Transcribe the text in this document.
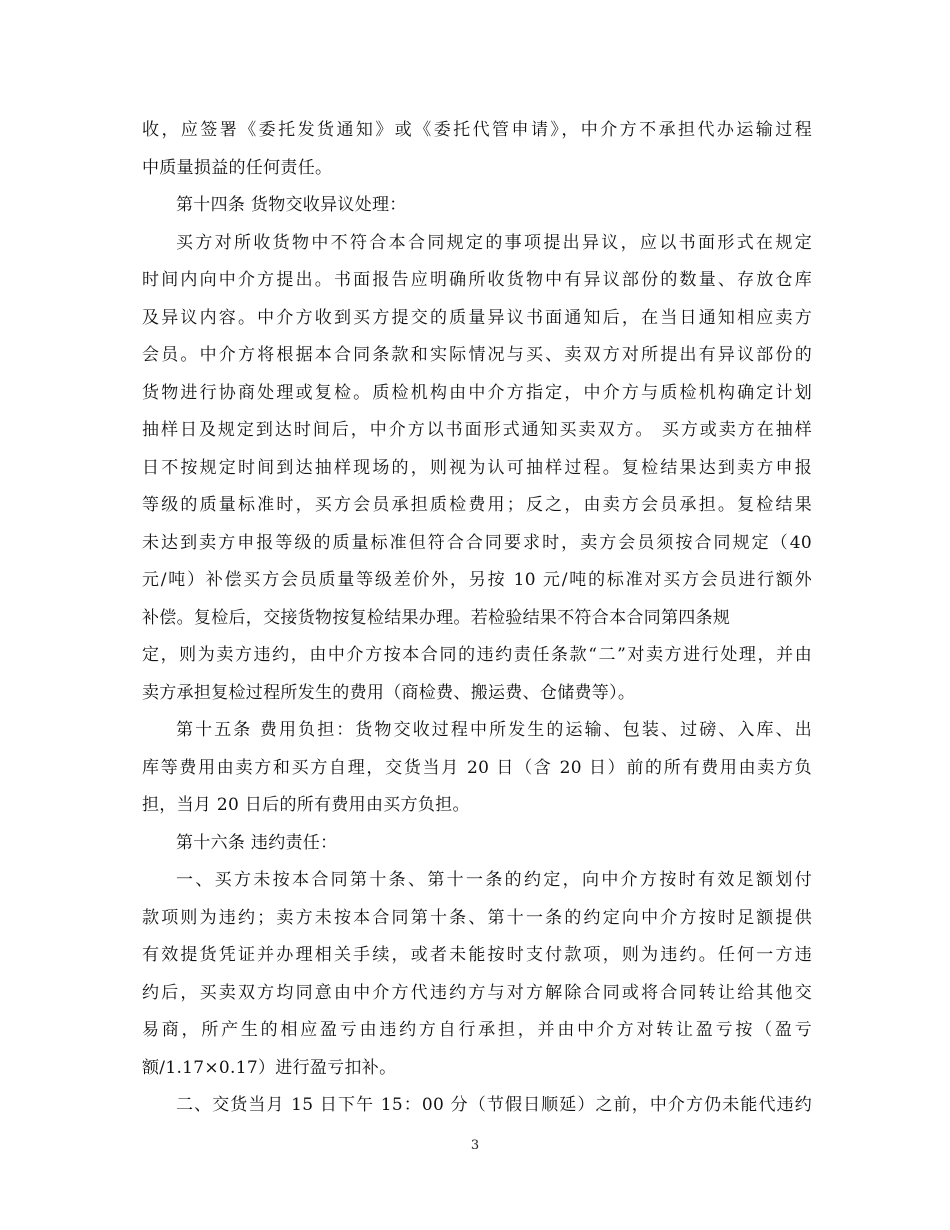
收，应签署《委托发货通知》或《委托代管申请》，中介方不承担代办运输过程
中质量损益的任何责任。
第十四条 货物交收异议处理：
买方对所收货物中不符合本合同规定的事项提出异议，应以书面形式在规定
时间内向中介方提出。书面报告应明确所收货物中有异议部份的数量、存放仓库
及异议内容。中介方收到买方提交的质量异议书面通知后，在当日通知相应卖方
会员。中介方将根据本合同条款和实际情况与买、卖双方对所提出有异议部份的
货物进行协商处理或复检。质检机构由中介方指定，中介方与质检机构确定计划
抽样日及规定到达时间后，中介方以书面形式通知买卖双方。 买方或卖方在抽样
日不按规定时间到达抽样现场的，则视为认可抽样过程。复检结果达到卖方申报
等级的质量标准时，买方会员承担质检费用；反之，由卖方会员承担。复检结果
未达到卖方申报等级的质量标准但符合合同要求时，卖方会员须按合同规定（40
元/吨）补偿买方会员质量等级差价外，另按 10 元/吨的标准对买方会员进行额外
补偿。复检后，交接货物按复检结果办理。若检验结果不符合本合同第四条规
定，则为卖方违约，由中介方按本合同的违约责任条款“二”对卖方进行处理，并由
卖方承担复检过程所发生的费用（商检费、搬运费、仓储费等）。
第十五条 费用负担：货物交收过程中所发生的运输、包装、过磅、入库、出
库等费用由卖方和买方自理，交货当月 20 日（含 20 日）前的所有费用由卖方负
担，当月 20 日后的所有费用由买方负担。
第十六条 违约责任：
一、买方未按本合同第十条、第十一条的约定，向中介方按时有效足额划付
款项则为违约；卖方未按本合同第十条、第十一条的约定向中介方按时足额提供
有效提货凭证并办理相关手续，或者未能按时支付款项，则为违约。任何一方违
约后，买卖双方均同意由中介方代违约方与对方解除合同或将合同转让给其他交
易商，所产生的相应盈亏由违约方自行承担，并由中介方对转让盈亏按（盈亏
额/1.17×0.17）进行盈亏扣补。
二、交货当月 15 日下午 15：00 分（节假日顺延）之前，中介方仍未能代违约
3
